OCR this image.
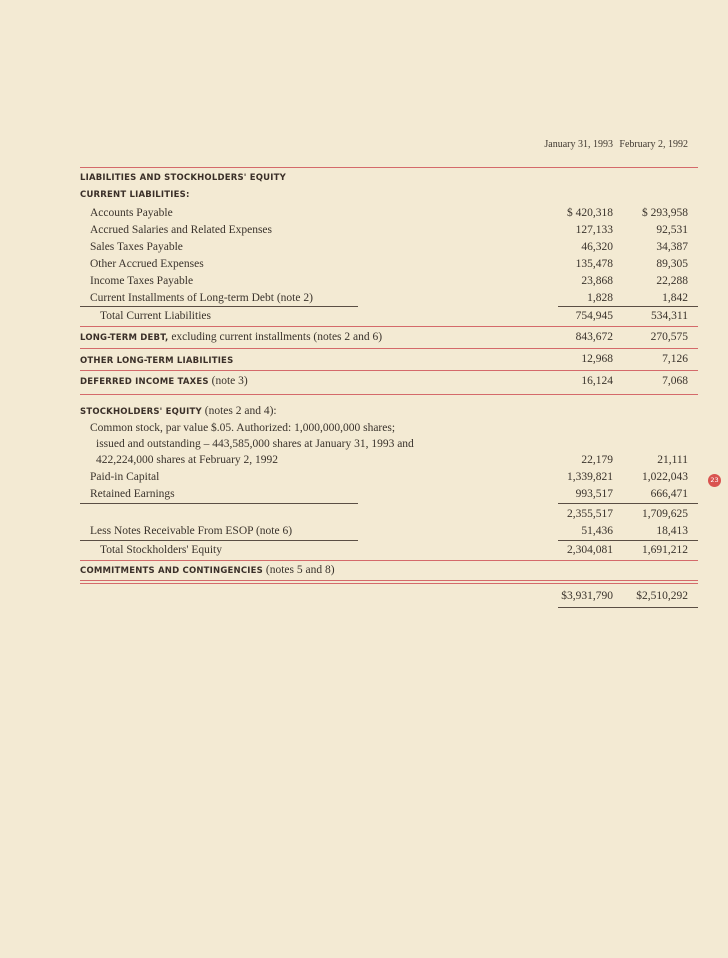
January 31, 1993 February 2, 1992
LIABILITIES AND STOCKHOLDERS' EQUITY
CURRENT LIABILITIES:
Accounts Payable	$ 420,318	$ 293,958
Accrued Salaries and Related Expenses	127,133	92,531
Sales Taxes Payable	46,320	34,387
Other Accrued Expenses	135,478	89,305
Income Taxes Payable	23,868	22,288
Current Installments of Long-term Debt (note 2)	1,828	1,842
Total Current Liabilities	754,945	534,311
LONG-TERM DEBT, excluding current installments (notes 2 and 6)	843,672	270,575
OTHER LONG-TERM LIABILITIES	12,968	7,126
DEFERRED INCOME TAXES (note 3)	16,124	7,068
STOCKHOLDERS' EQUITY (notes 2 and 4):
Common stock, par value $.05. Authorized: 1,000,000,000 shares;
issued and outstanding – 443,585,000 shares at January 31, 1993 and
422,224,000 shares at February 2, 1992	22,179	21,111
Paid-in Capital	1,339,821	1,022,043
Retained Earnings	993,517	666,471
2,355,517	1,709,625
Less Notes Receivable From ESOP (note 6)	51,436	18,413
Total Stockholders' Equity	2,304,081	1,691,212
COMMITMENTS AND CONTINGENCIES (notes 5 and 8)
$3,931,790	$2,510,292
23
